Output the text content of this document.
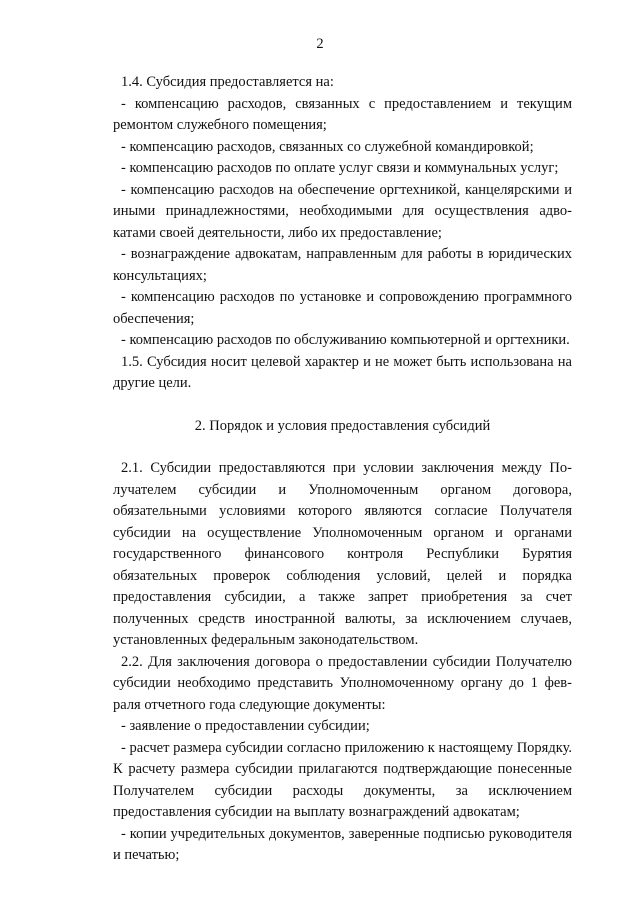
2

1.4. Субсидия предоставляется на:

- компенсацию расходов, связанных с предоставлением и текущим ремонтом служебного помещения;

- компенсацию расходов, связанных со служебной командировкой;

- компенсацию расходов по оплате услуг связи и коммунальных услуг;

- компенсацию расходов на обеспечение оргтехникой, канцелярскими и иными принадлежностями, необходимыми для осуществления адвокатами своей деятельности, либо их предоставление;

- вознаграждение адвокатам, направленным для работы в юридических консультациях;

- компенсацию расходов по установке и сопровождению программного обеспечения;

- компенсацию расходов по обслуживанию компьютерной и оргтехники.

1.5. Субсидия носит целевой характер и не может быть использована на другие цели.

2. Порядок и условия предоставления субсидий

2.1. Субсидии предоставляются при условии заключения между Получателем субсидии и Уполномоченным органом договора, обязательными условиями которого являются согласие Получателя субсидии на осуществление Уполномоченным органом и органами государственного финансового контроля Республики Бурятия обязательных проверок соблюдения условий, целей и порядка предоставления субсидии, а также запрет приобретения за счет полученных средств иностранной валюты, за исключением случаев, установленных федеральным законодательством.

2.2. Для заключения договора о предоставлении субсидии Получателю субсидии необходимо представить Уполномоченному органу до 1 февраля отчетного года следующие документы:

- заявление о предоставлении субсидии;

- расчет размера субсидии согласно приложению к настоящему Порядку. К расчету размера субсидии прилагаются подтверждающие понесенные Получателем субсидии расходы документы, за исключением предоставления субсидии на выплату вознаграждений адвокатам;

- копии учредительных документов, заверенные подписью руководителя и печатью;
